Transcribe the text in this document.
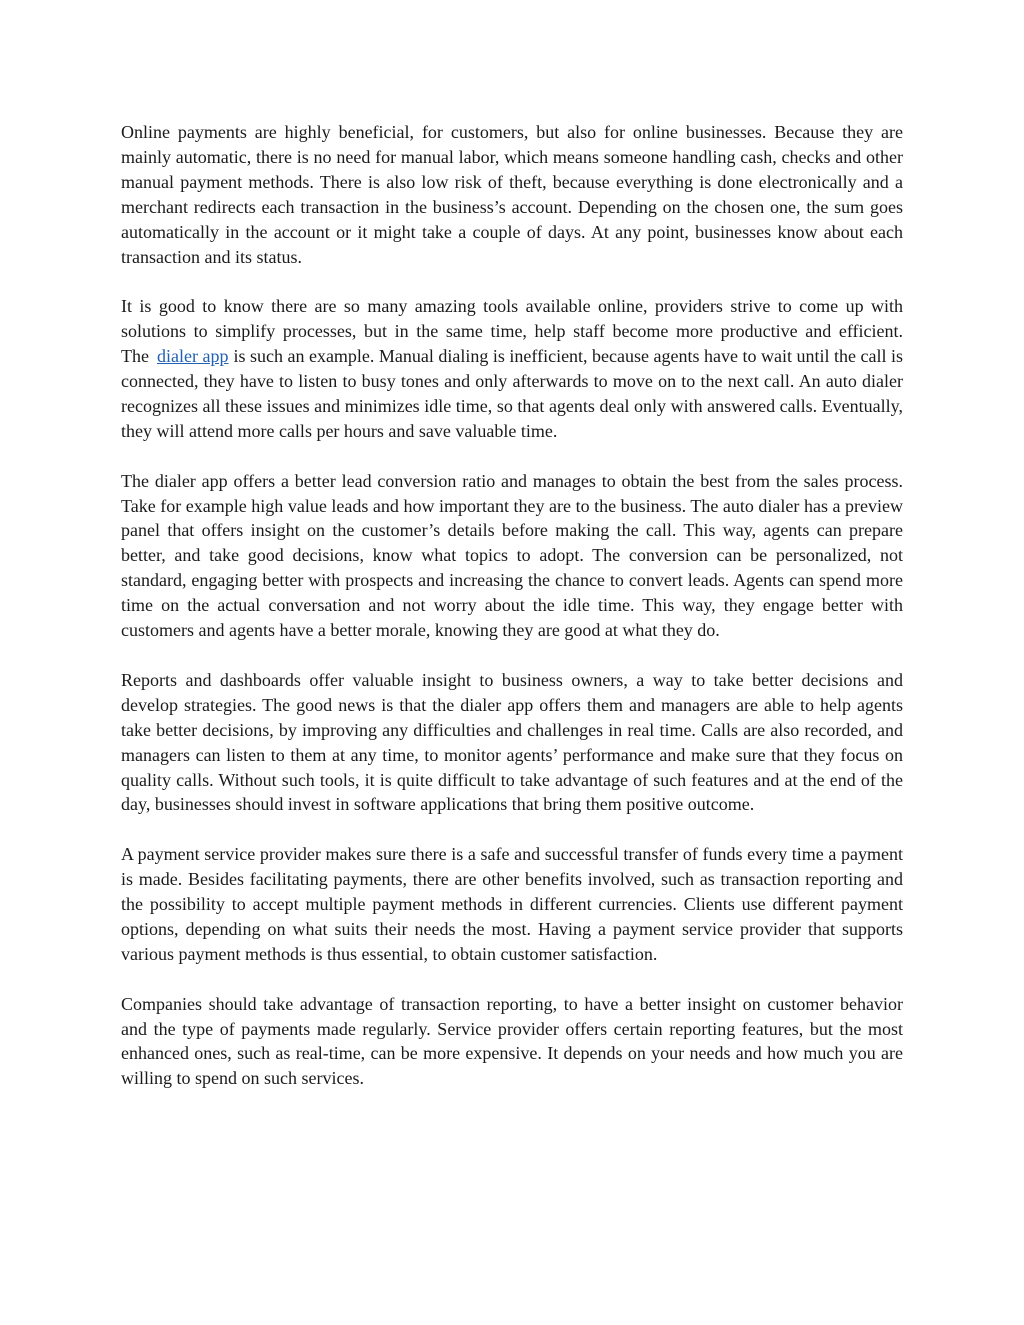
Online payments are highly beneficial, for customers, but also for online businesses. Because they are mainly automatic, there is no need for manual labor, which means someone handling cash, checks and other manual payment methods. There is also low risk of theft, because everything is done electronically and a merchant redirects each transaction in the business’s account. Depending on the chosen one, the sum goes automatically in the account or it might take a couple of days. At any point, businesses know about each transaction and its status.

It is good to know there are so many amazing tools available online, providers strive to come up with solutions to simplify processes, but in the same time, help staff become more productive and efficient. The dialer app is such an example. Manual dialing is inefficient, because agents have to wait until the call is connected, they have to listen to busy tones and only afterwards to move on to the next call. An auto dialer recognizes all these issues and minimizes idle time, so that agents deal only with answered calls. Eventually, they will attend more calls per hours and save valuable time.

The dialer app offers a better lead conversion ratio and manages to obtain the best from the sales process. Take for example high value leads and how important they are to the business. The auto dialer has a preview panel that offers insight on the customer’s details before making the call. This way, agents can prepare better, and take good decisions, know what topics to adopt. The conversion can be personalized, not standard, engaging better with prospects and increasing the chance to convert leads. Agents can spend more time on the actual conversation and not worry about the idle time. This way, they engage better with customers and agents have a better morale, knowing they are good at what they do.

Reports and dashboards offer valuable insight to business owners, a way to take better decisions and develop strategies. The good news is that the dialer app offers them and managers are able to help agents take better decisions, by improving any difficulties and challenges in real time. Calls are also recorded, and managers can listen to them at any time, to monitor agents’ performance and make sure that they focus on quality calls. Without such tools, it is quite difficult to take advantage of such features and at the end of the day, businesses should invest in software applications that bring them positive outcome.

A payment service provider makes sure there is a safe and successful transfer of funds every time a payment is made. Besides facilitating payments, there are other benefits involved, such as transaction reporting and the possibility to accept multiple payment methods in different currencies. Clients use different payment options, depending on what suits their needs the most. Having a payment service provider that supports various payment methods is thus essential, to obtain customer satisfaction.

Companies should take advantage of transaction reporting, to have a better insight on customer behavior and the type of payments made regularly. Service provider offers certain reporting features, but the most enhanced ones, such as real-time, can be more expensive. It depends on your needs and how much you are willing to spend on such services.
